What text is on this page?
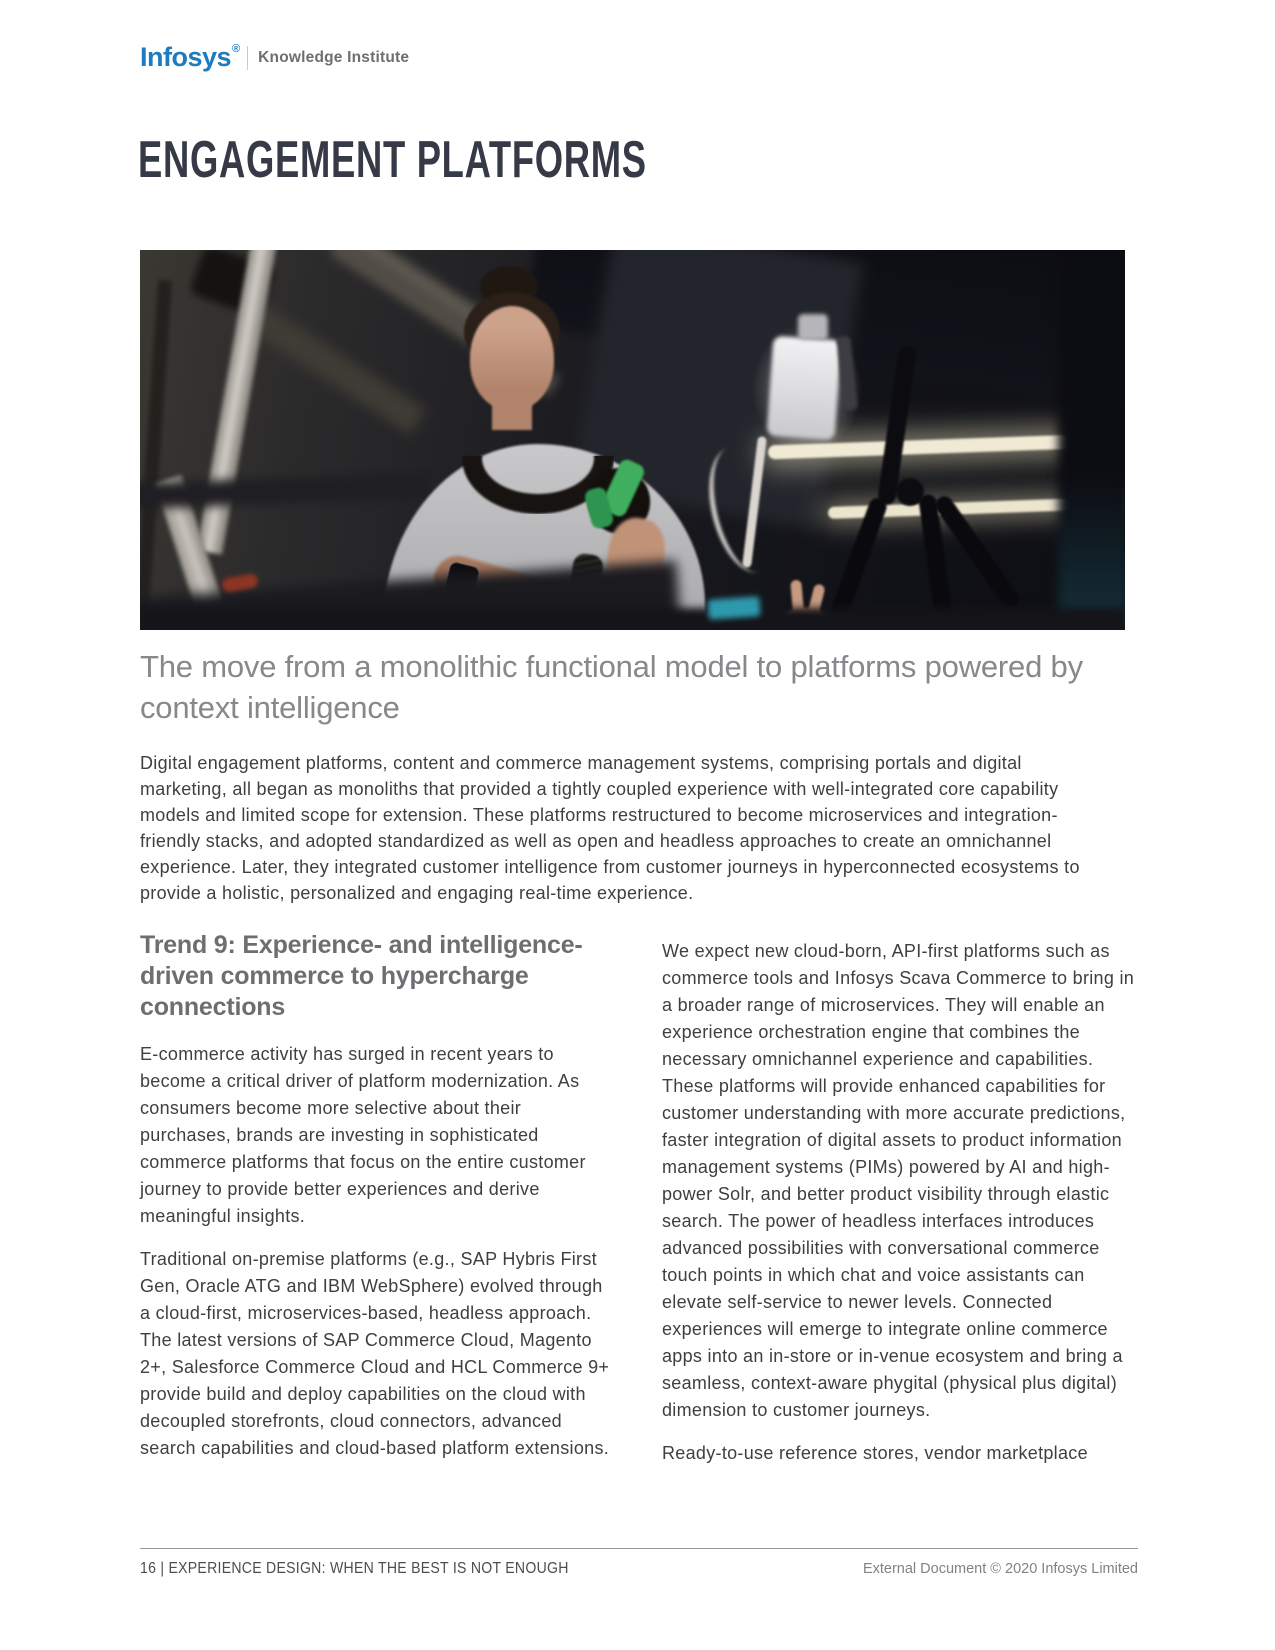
Infosys ® Knowledge Institute
ENGAGEMENT PLATFORMS
The move from a monolithic functional model to platforms powered by context intelligence

Digital engagement platforms, content and commerce management systems, comprising portals and digital marketing, all began as monoliths that provided a tightly coupled experience with well-integrated core capability models and limited scope for extension. These platforms restructured to become microservices and integration-friendly stacks, and adopted standardized as well as open and headless approaches to create an omnichannel experience. Later, they integrated customer intelligence from customer journeys in hyperconnected ecosystems to provide a holistic, personalized and engaging real-time experience.

Trend 9: Experience- and intelligence-driven commerce to hypercharge connections

E-commerce activity has surged in recent years to become a critical driver of platform modernization. As consumers become more selective about their purchases, brands are investing in sophisticated commerce platforms that focus on the entire customer journey to provide better experiences and derive meaningful insights.

Traditional on-premise platforms (e.g., SAP Hybris First Gen, Oracle ATG and IBM WebSphere) evolved through a cloud-first, microservices-based, headless approach. The latest versions of SAP Commerce Cloud, Magento 2+, Salesforce Commerce Cloud and HCL Commerce 9+ provide build and deploy capabilities on the cloud with decoupled storefronts, cloud connectors, advanced search capabilities and cloud-based platform extensions.

We expect new cloud-born, API-first platforms such as commerce tools and Infosys Scava Commerce to bring in a broader range of microservices. They will enable an experience orchestration engine that combines the necessary omnichannel experience and capabilities. These platforms will provide enhanced capabilities for customer understanding with more accurate predictions, faster integration of digital assets to product information management systems (PIMs) powered by AI and high-power Solr, and better product visibility through elastic search. The power of headless interfaces introduces advanced possibilities with conversational commerce touch points in which chat and voice assistants can elevate self-service to newer levels. Connected experiences will emerge to integrate online commerce apps into an in-store or in-venue ecosystem and bring a seamless, context-aware phygital (physical plus digital) dimension to customer journeys.

Ready-to-use reference stores, vendor marketplace

16 | EXPERIENCE DESIGN: WHEN THE BEST IS NOT ENOUGH	External Document © 2020 Infosys Limited
